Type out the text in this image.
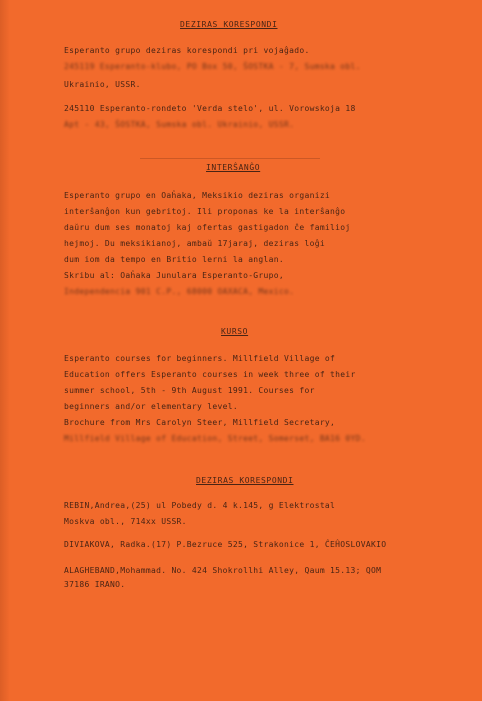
DEZIRAS KORESPONDI
Esperanto grupo deziras korespondi pri vojaĝado.
245119 Esperanto-klubo, PO Box 50, ŜOSTKA - 7, Sumska obl.
Ukrainio, USSR.
245110 Esperanto-rondeto 'Verda stelo', ul. Vorowskoja 18
Apt - 43, ŜOSTKA, Sumska obl. Ukrainio, USSR.
INTERŜANĜO
Esperanto grupo en Oaĥaka, Meksikio deziras organizi
interŝanĝon kun gebritoj. Ili proponas ke la interŝanĝo
daŭru dum ses monatoj kaj ofertas gastigadon ĉe familioj
hejmoj. Du meksikianoj, ambaŭ 17jaraj, deziras loĝi
dum iom da tempo en Britio lerni la anglan.
Skribu al: Oaĥaka Junulara Esperanto-Grupo,
Independencia 901 C.P., 68000 OAXACA, Mexico.
KURSO
Esperanto courses for beginners. Millfield Village of
Education offers Esperanto courses in week three of their
summer school, 5th - 9th August 1991. Courses for
beginners and/or elementary level.
Brochure from Mrs Carolyn Steer, Millfield Secretary,
Millfield Village of Education, Street, Somerset, BA16 0YD.
DEZIRAS KORESPONDI
REBIN,Andrea,(25) ul Pobedy d. 4 k.145, g Elektrostal
Moskva obl., 714xx USSR.
DIVIAKOVA, Radka.(17) P.Bezruce 525, Strakonice 1, ĈEĤOSLOVAKIO
ALAGHEBAND,Mohammad. No. 424 Shokrollhi Alley, Qaum 15.13; QOM
37186 IRANO.
